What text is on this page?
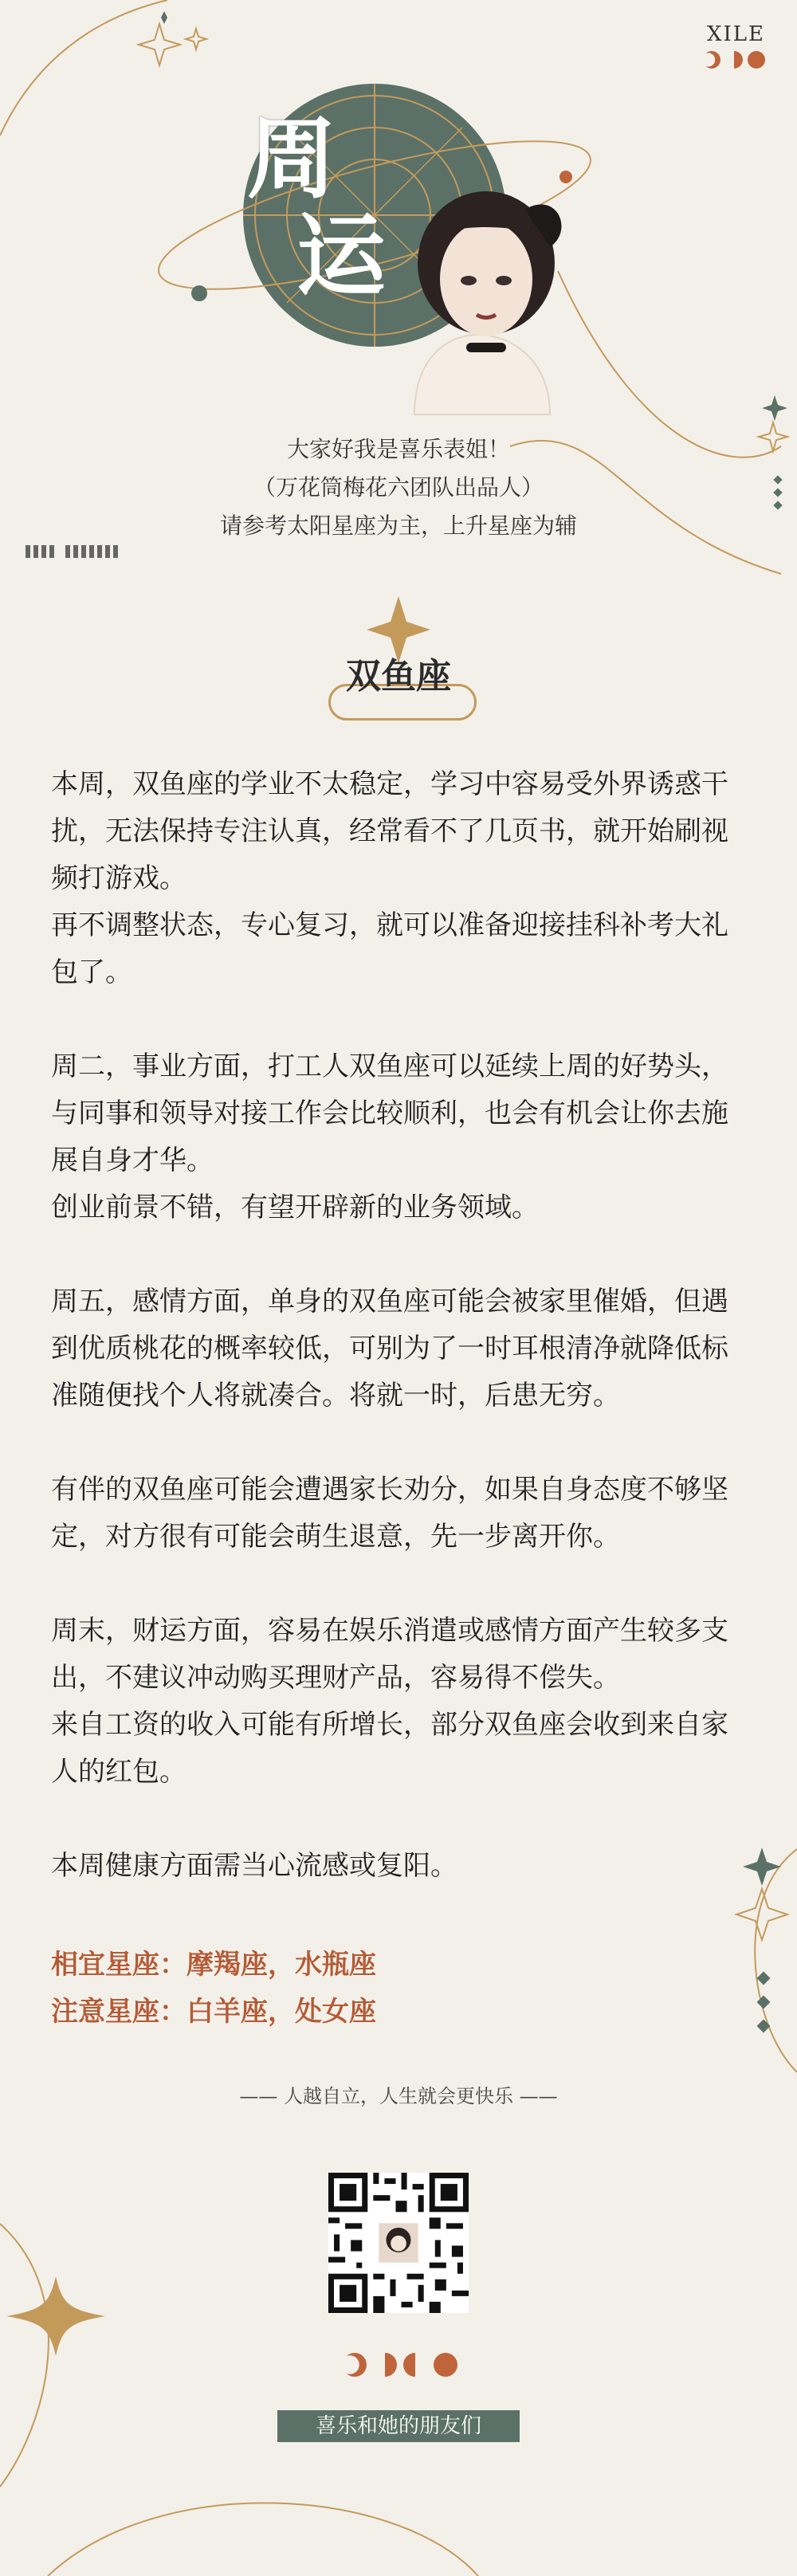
XILE
周
运
大家好我是喜乐表姐！
（万花筒梅花六团队出品人）
请参考太阳星座为主，上升星座为辅
双鱼座

本周，双鱼座的学业不太稳定，学习中容易受外界诱惑干扰，无法保持专注认真，经常看不了几页书，就开始刷视频打游戏。

再不调整状态，专心复习，就可以准备迎接挂科补考大礼包了。

周二，事业方面，打工人双鱼座可以延续上周的好势头，与同事和领导对接工作会比较顺利，也会有机会让你去施展自身才华。

创业前景不错，有望开辟新的业务领域。

周五，感情方面，单身的双鱼座可能会被家里催婚，但遇到优质桃花的概率较低，可别为了一时耳根清净就降低标准随便找个人将就凑合。将就一时，后患无穷。

有伴的双鱼座可能会遭遇家长劝分，如果自身态度不够坚定，对方很有可能会萌生退意，先一步离开你。

周末，财运方面，容易在娱乐消遣或感情方面产生较多支出，不建议冲动购买理财产品，容易得不偿失。

来自工资的收入可能有所增长，部分双鱼座会收到来自家人的红包。

本周健康方面需当心流感或复阳。

相宜星座：摩羯座，水瓶座
注意星座：白羊座，处女座
—— 人越自立，人生就会更快乐 ——
喜乐和她的朋友们
